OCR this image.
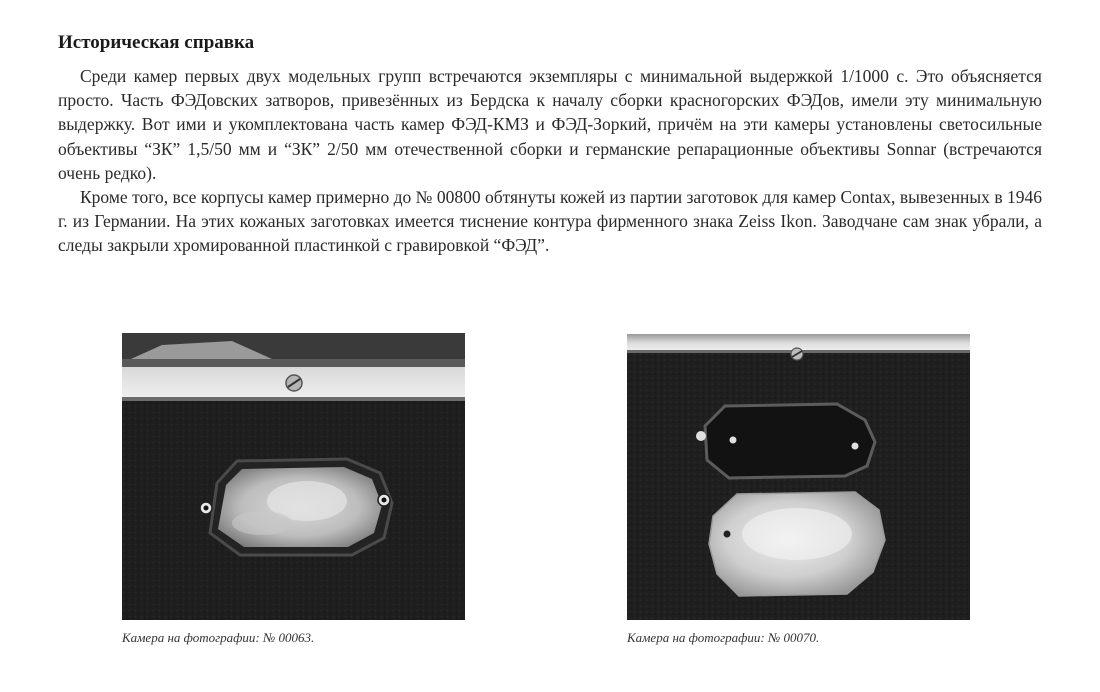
Историческая справка

Среди камер первых двух модельных групп встречаются экземпляры с минимальной выдержкой 1/1000 с. Это объясняется просто. Часть ФЭДовских затворов, привезённых из Бердска к началу сборки красногорских ФЭДов, имели эту минимальную выдержку. Вот ими и укомплектована часть камер ФЭД-КМЗ и ФЭД-Зоркий, причём на эти камеры установлены светосильные объективы “ЗК” 1,5/50 мм и “ЗК” 2/50 мм отечественной сборки и германские репарационные объективы Sonnar (встречаются очень редко).

Кроме того, все корпусы камер примерно до № 00800 обтянуты кожей из партии заготовок для камер Contax, вывезенных в 1946 г. из Германии. На этих кожаных заготовках имеется тиснение контура фирменного знака Zeiss Ikon. Заводчане сам знак убрали, а следы закрыли хромированной пластинкой с гравировкой “ФЭД”.

Камера на фотографии: № 00063.	Камера на фотографии: № 00070.
